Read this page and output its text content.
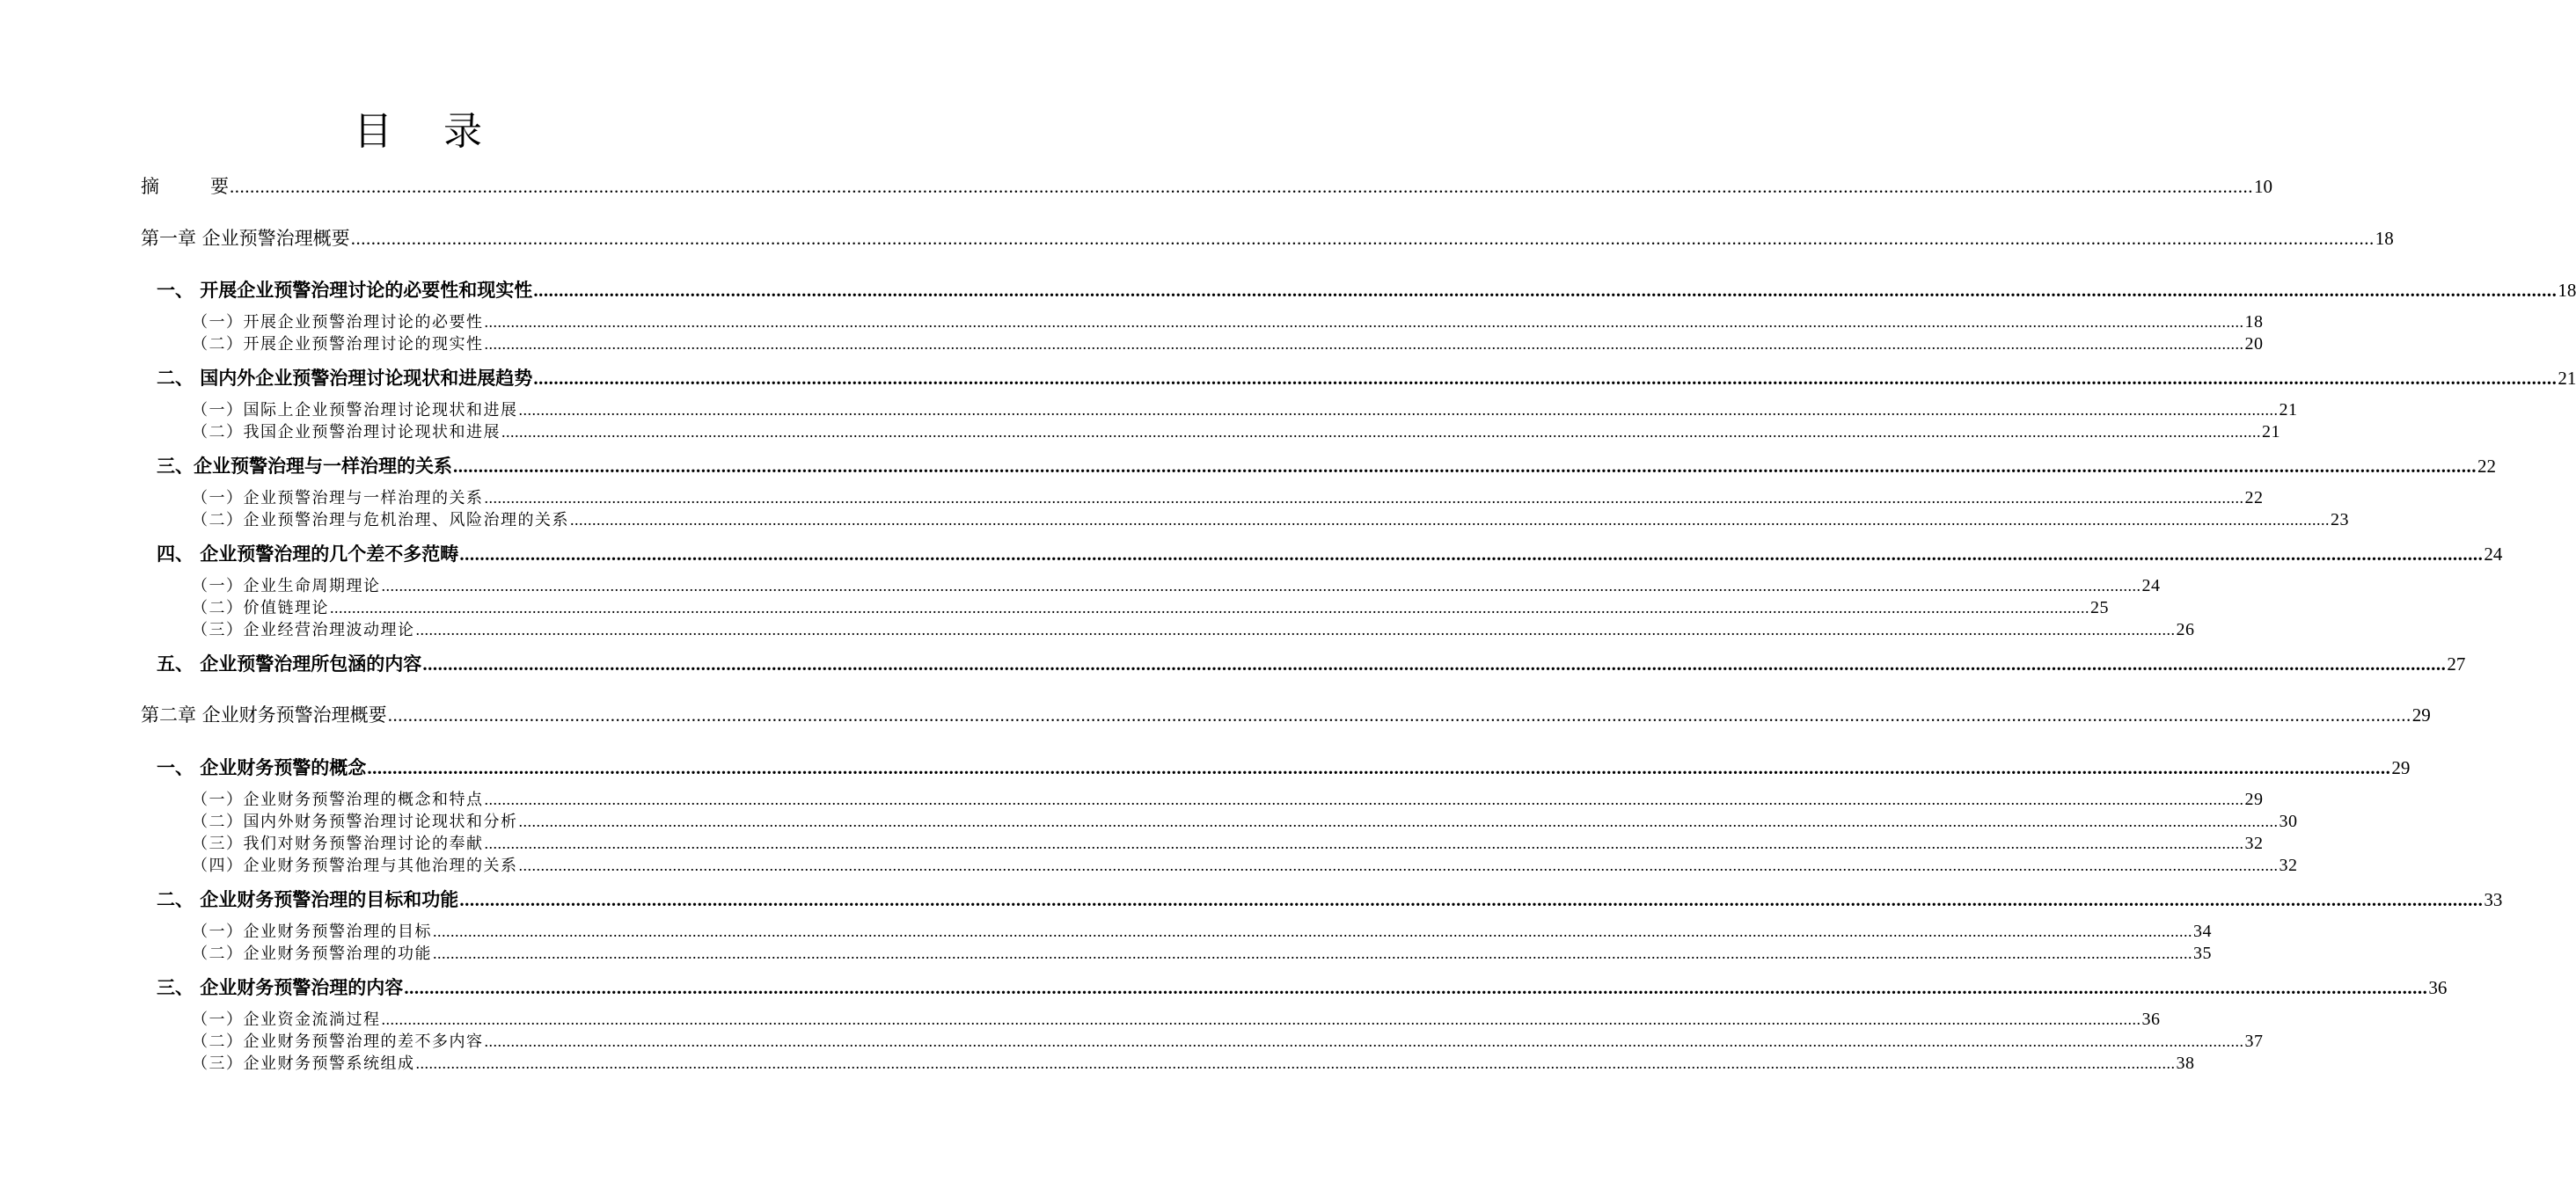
目 录
摘	要 ................................................................................................................................................................................................................................................................................................................................................................................................................ 10
第一章 企业预警治理概要 ................................................................................................................................................................................................................................................................................................................................................................................................................ 18
一、 开展企业预警治理讨论的必要性和现实性 ................................................................................................................................................................................................................................................................................................................................................................................................................ 18
（一）开展企业预警治理讨论的必要性 ................................................................................................................................................................................................................................................................................................................................................................................................................ 18
（二）开展企业预警治理讨论的现实性 ................................................................................................................................................................................................................................................................................................................................................................................................................ 20
二、 国内外企业预警治理讨论现状和进展趋势 ................................................................................................................................................................................................................................................................................................................................................................................................................ 21
（一）国际上企业预警治理讨论现状和进展 ................................................................................................................................................................................................................................................................................................................................................................................................................ 21
（二）我国企业预警治理讨论现状和进展 ................................................................................................................................................................................................................................................................................................................................................................................................................ 21
三、企业预警治理与一样治理的关系 ................................................................................................................................................................................................................................................................................................................................................................................................................ 22
（一）企业预警治理与一样治理的关系 ................................................................................................................................................................................................................................................................................................................................................................................................................ 22
（二）企业预警治理与危机治理、风险治理的关系 ................................................................................................................................................................................................................................................................................................................................................................................................................ 23
四、 企业预警治理的几个差不多范畴 ................................................................................................................................................................................................................................................................................................................................................................................................................ 24
（一）企业生命周期理论 ................................................................................................................................................................................................................................................................................................................................................................................................................ 24
（二）价值链理论 ................................................................................................................................................................................................................................................................................................................................................................................................................ 25
（三）企业经营治理波动理论 ................................................................................................................................................................................................................................................................................................................................................................................................................ 26
五、 企业预警治理所包涵的内容 ................................................................................................................................................................................................................................................................................................................................................................................................................ 27
第二章 企业财务预警治理概要 ................................................................................................................................................................................................................................................................................................................................................................................................................ 29
一、 企业财务预警的概念 ................................................................................................................................................................................................................................................................................................................................................................................................................ 29
（一）企业财务预警治理的概念和特点 ................................................................................................................................................................................................................................................................................................................................................................................................................ 29
（二）国内外财务预警治理讨论现状和分析 ................................................................................................................................................................................................................................................................................................................................................................................................................ 30
（三）我们对财务预警治理讨论的奉献 ................................................................................................................................................................................................................................................................................................................................................................................................................ 32
（四）企业财务预警治理与其他治理的关系 ................................................................................................................................................................................................................................................................................................................................................................................................................ 32
二、 企业财务预警治理的目标和功能 ................................................................................................................................................................................................................................................................................................................................................................................................................ 33
（一）企业财务预警治理的目标 ................................................................................................................................................................................................................................................................................................................................................................................................................ 34
（二）企业财务预警治理的功能 ................................................................................................................................................................................................................................................................................................................................................................................................................ 35
三、 企业财务预警治理的内容 ................................................................................................................................................................................................................................................................................................................................................................................................................ 36
（一）企业资金流淌过程 ................................................................................................................................................................................................................................................................................................................................................................................................................ 36
（二）企业财务预警治理的差不多内容 ................................................................................................................................................................................................................................................................................................................................................................................................................ 37
（三）企业财务预警系统组成 ................................................................................................................................................................................................................................................................................................................................................................................................................ 38
